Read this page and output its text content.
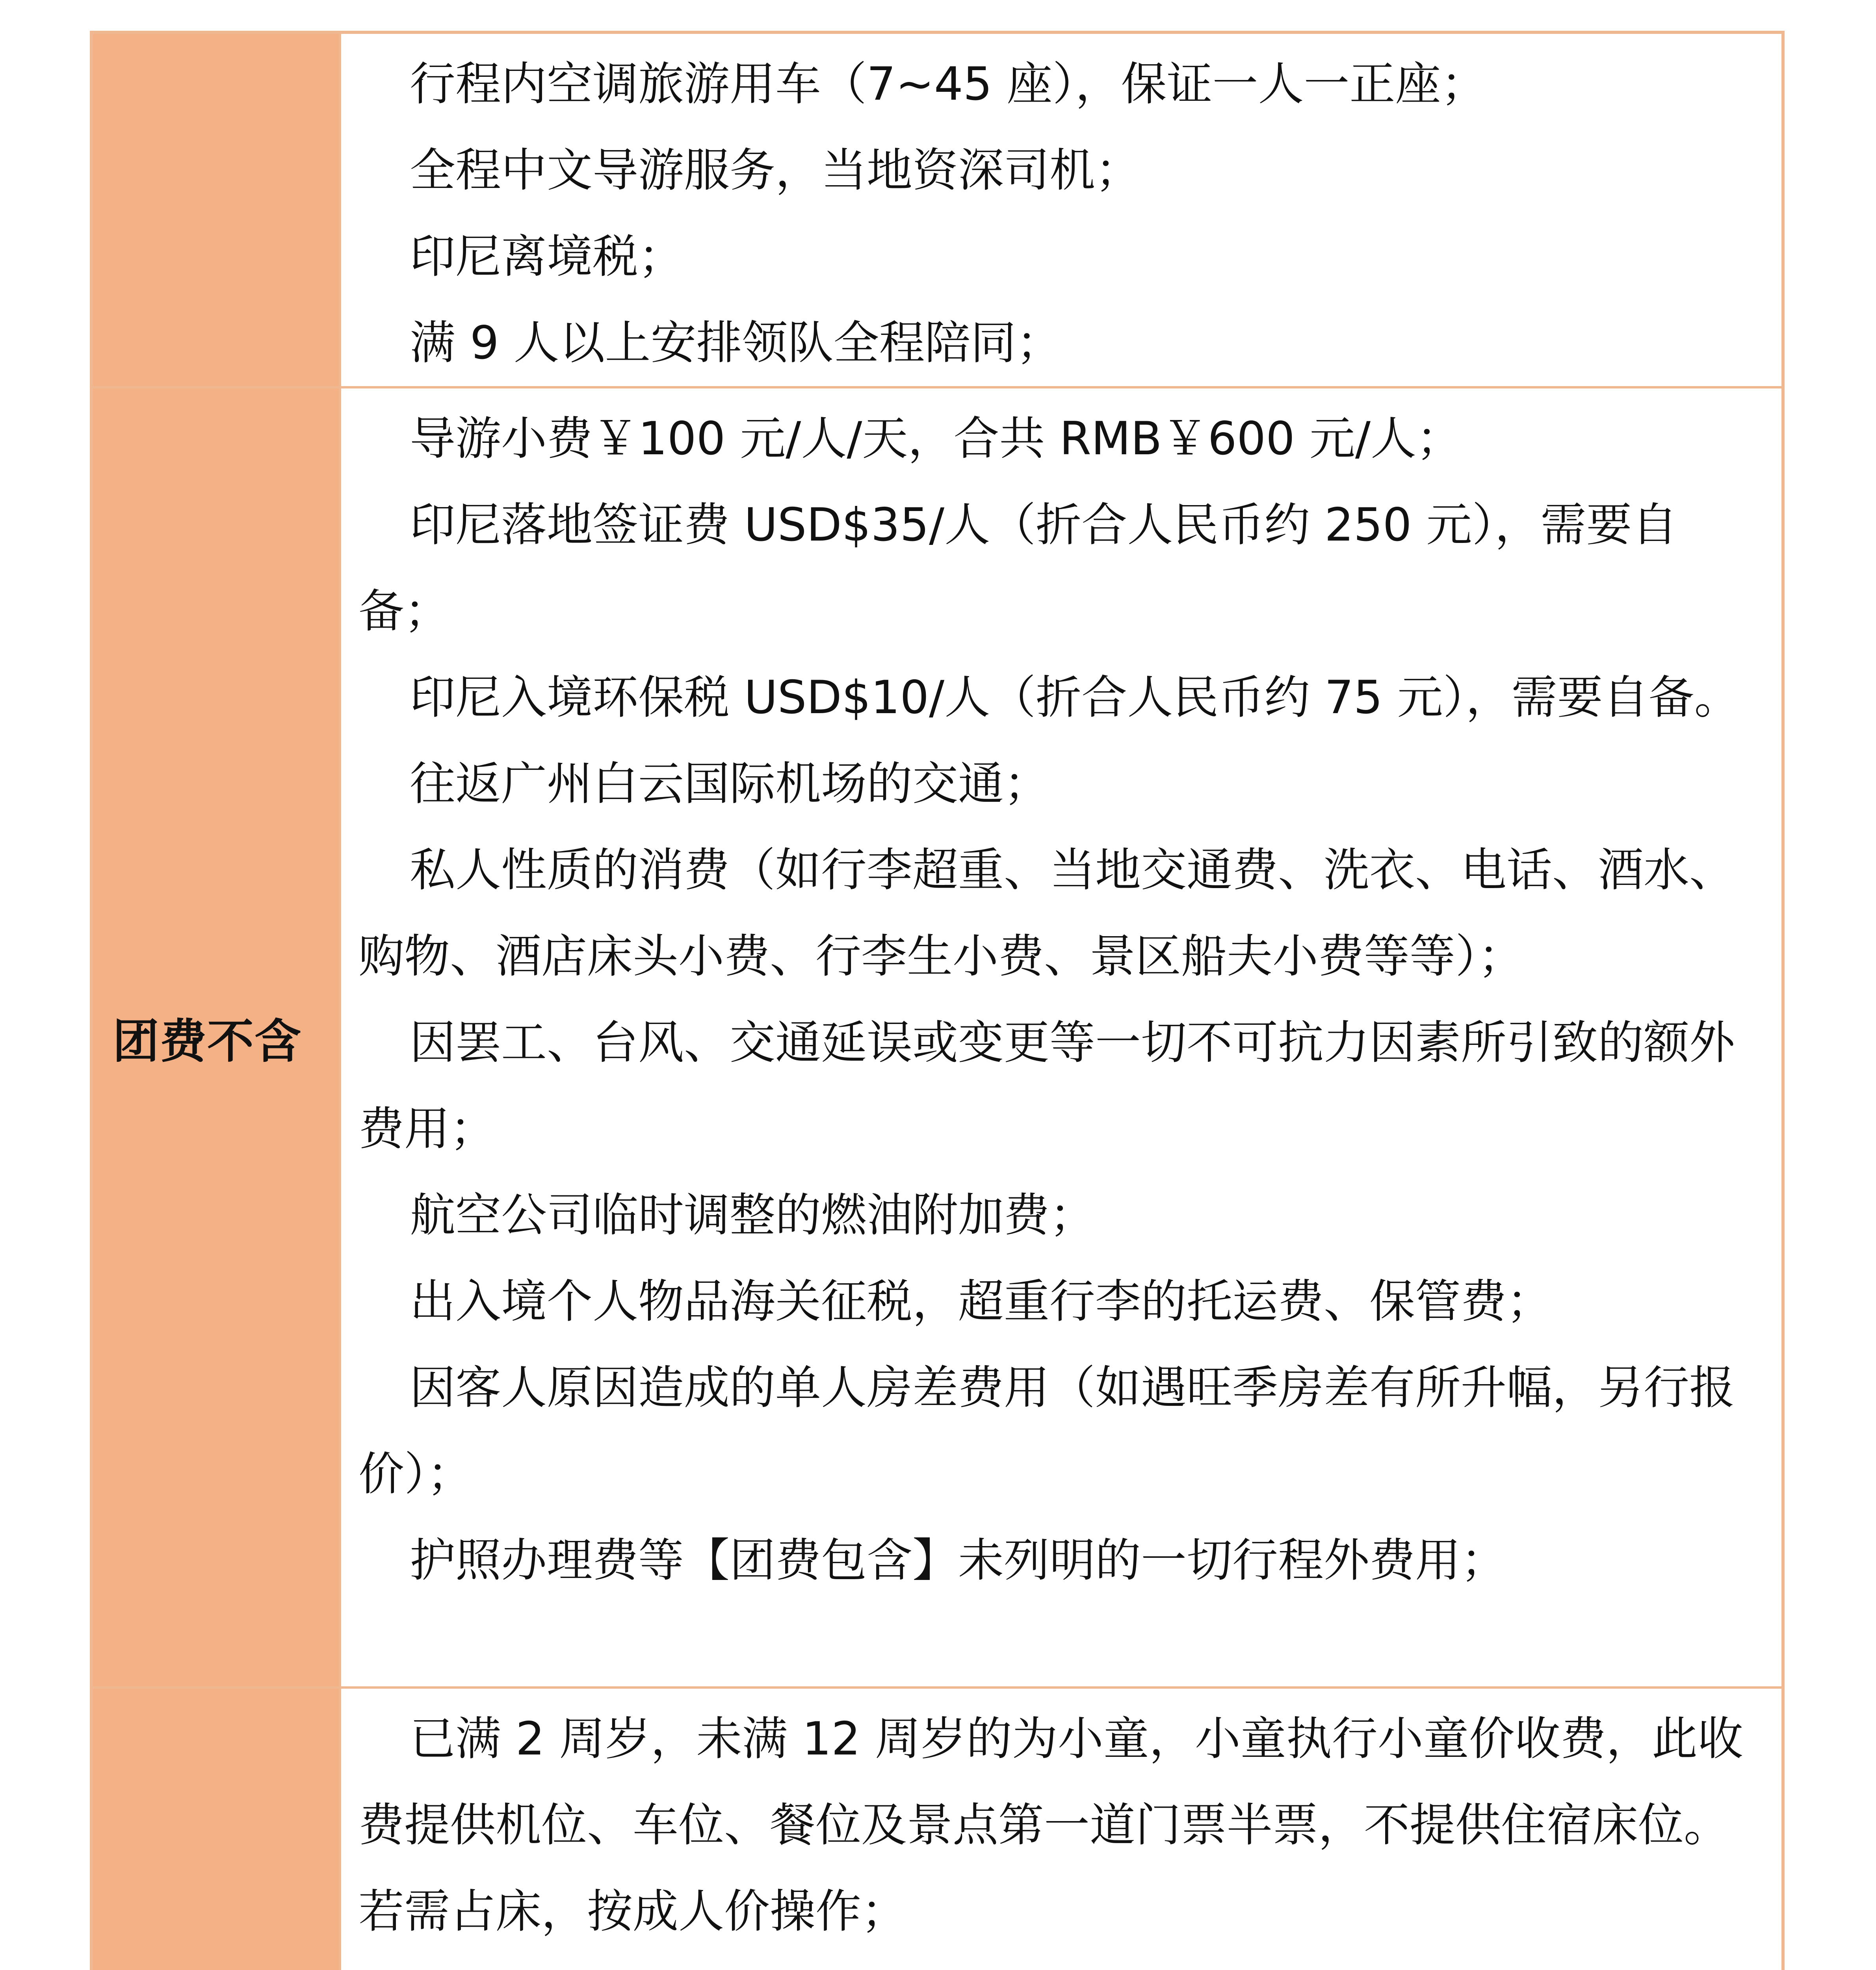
行程内空调旅游用车（7~45 座），保证一人一正座；

全程中文导游服务，当地资深司机；

印尼离境税；

满 9 人以上安排领队全程陪同；

团费不含

导游小费￥100 元/人/天，合共 RMB￥600 元/人；

印尼落地签证费 USD$35/人（折合人民币约 250 元），需要自备；

印尼入境环保税 USD$10/人（折合人民币约 75 元），需要自备。

往返广州白云国际机场的交通；

私人性质的消费（如行李超重、当地交通费、洗衣、电话、酒水、购物、酒店床头小费、行李生小费、景区船夫小费等等）；

因罢工、台风、交通延误或变更等一切不可抗力因素所引致的额外费用；

航空公司临时调整的燃油附加费；

出入境个人物品海关征税，超重行李的托运费、保管费；

因客人原因造成的单人房差费用（如遇旺季房差有所升幅，另行报价）；

护照办理费等【团费包含】未列明的一切行程外费用；

已满 2 周岁，未满 12 周岁的为小童，小童执行小童价收费，此收费提供机位、车位、餐位及景点第一道门票半票，不提供住宿床位。若需占床，按成人价操作；
